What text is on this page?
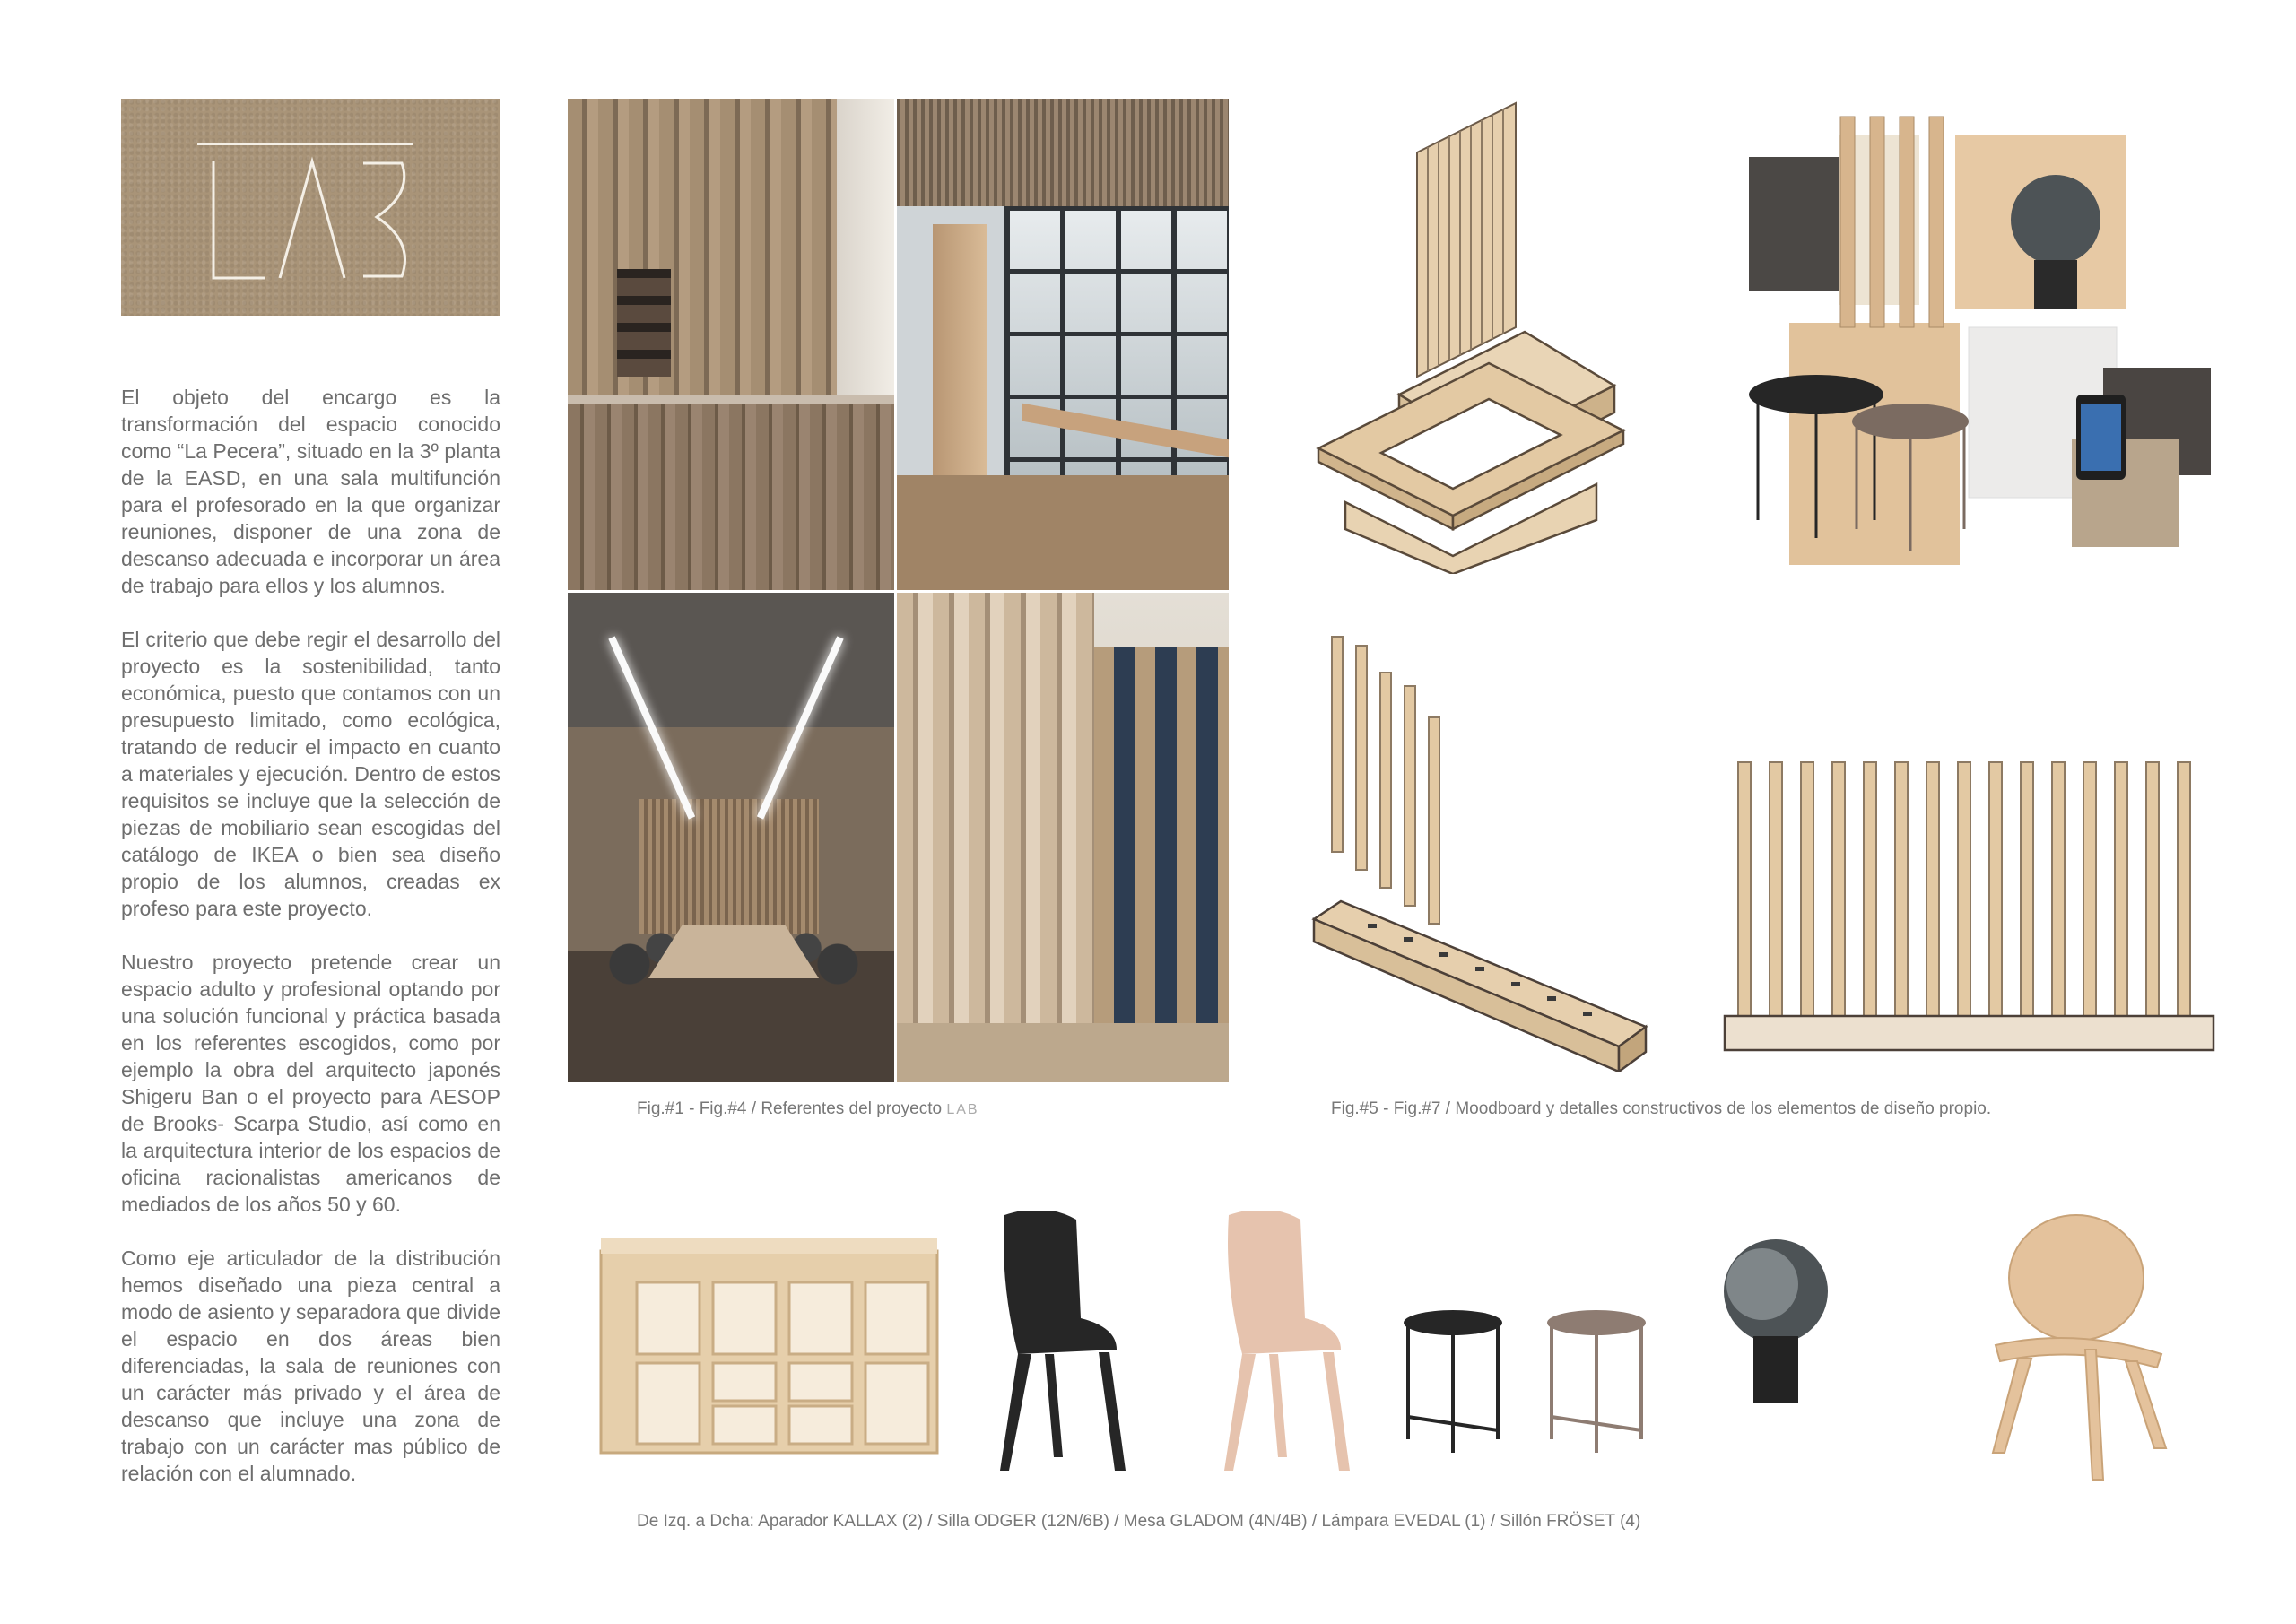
El objeto del encargo es la transformación del espacio conocido como “La Pecera”, situado en la 3º planta de la EASD, en una sala multifunción para el profesorado en la que organizar reuniones, disponer de una zona de descanso adecuada e incorporar un área de trabajo para ellos y los alumnos.

El criterio que debe regir el desarrollo del proyecto es la sostenibilidad, tanto económica, puesto que contamos con un presupuesto limitado, como ecológica, tratando de reducir el impacto en cuanto a materiales y ejecución. Dentro de estos requisitos se incluye que la selección de piezas de mobiliario sean escogidas del catálogo de IKEA o bien sea diseño propio de los alumnos, creadas ex profeso para este proyecto.

Nuestro proyecto pretende crear un espacio adulto y profesional optando por una solución funcional y práctica basada en los referentes escogidos, como por ejemplo la obra del arquitecto japonés Shigeru Ban o el proyecto para AESOP de Brooks- Scarpa Studio, así como en la arquitectura interior de los espacios de oficina racionalistas americanos de mediados de los años 50 y 60.

Como eje articulador de la distribución hemos diseñado una pieza central a modo de asiento y separadora que divide el espacio en dos áreas bien diferenciadas, la sala de reuniones con un carácter más privado y el área de descanso que incluye una zona de trabajo con un carácter mas público de relación con el alumnado.

Fig.#1 - Fig.#4 / Referentes del proyecto LAB	Fig.#5 - Fig.#7 / Moodboard y detalles constructivos de los elementos de diseño propio.
De Izq. a Dcha: Aparador KALLAX (2) / Silla ODGER (12N/6B) / Mesa GLADOM (4N/4B) / Lámpara EVEDAL (1) / Sillón FRÖSET (4)
